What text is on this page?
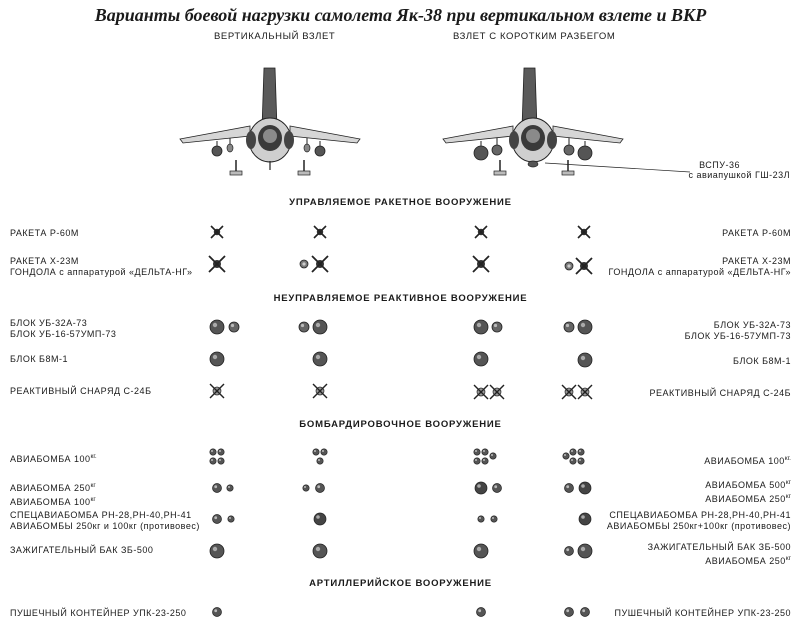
Варианты боевой нагрузки самолета Як-38 при вертикальном взлете и ВКР
ВЕРТИКАЛЬНЫЙ ВЗЛЕТ	ВЗЛЕТ С КОРОТКИМ РАЗБЕГОМ
ВСПУ-36
с авиапушкой ГШ-23Л
УПРАВЛЯЕМОЕ РАКЕТНОЕ ВООРУЖЕНИЕ
НЕУПРАВЛЯЕМОЕ РЕАКТИВНОЕ ВООРУЖЕНИЕ
БОМБАРДИРОВОЧНОЕ ВООРУЖЕНИЕ
АРТИЛЛЕРИЙСКОЕ ВООРУЖЕНИЕ
РАКЕТА Р-60М
РАКЕТА Х-23М
ГОНДОЛА с аппаратурой «ДЕЛЬТА-НГ»
БЛОК УБ-32А-73
БЛОК УБ-16-57УМП-73
БЛОК Б8М-1
РЕАКТИВНЫЙ СНАРЯД С-24Б
АВИАБОМБА $100^{кг.}$
АВИАБОМБА $250^{кг}$
АВИАБОМБА $100^{кг}$
СПЕЦАВИАБОМБА РН-28,РН-40,РН-41
АВИАБОМБЫ 250кг и 100кг (противовес)
ЗАЖИГАТЕЛЬНЫЙ БАК ЗБ-500
ПУШЕЧНЫЙ КОНТЕЙНЕР УПК-23-250
РАКЕТА Р-60М
РАКЕТА Х-23М
ГОНДОЛА с аппаратурой «ДЕЛЬТА-НГ»
БЛОК УБ-32А-73
БЛОК УБ-16-57УМП-73
БЛОК Б8М-1
РЕАКТИВНЫЙ СНАРЯД С-24Б
АВИАБОМБА $100^{кг.}$
АВИАБОМБА $500^{кг}$
АВИАБОМБА $250^{кг}$
СПЕЦАВИАБОМБА РН-28,РН-40,РН-41
АВИАБОМБЫ 250кг+100кг (противовес)
ЗАЖИГАТЕЛЬНЫЙ БАК ЗБ-500
АВИАБОМБА $250^{кг}$
ПУШЕЧНЫЙ КОНТЕЙНЕР УПК-23-250
